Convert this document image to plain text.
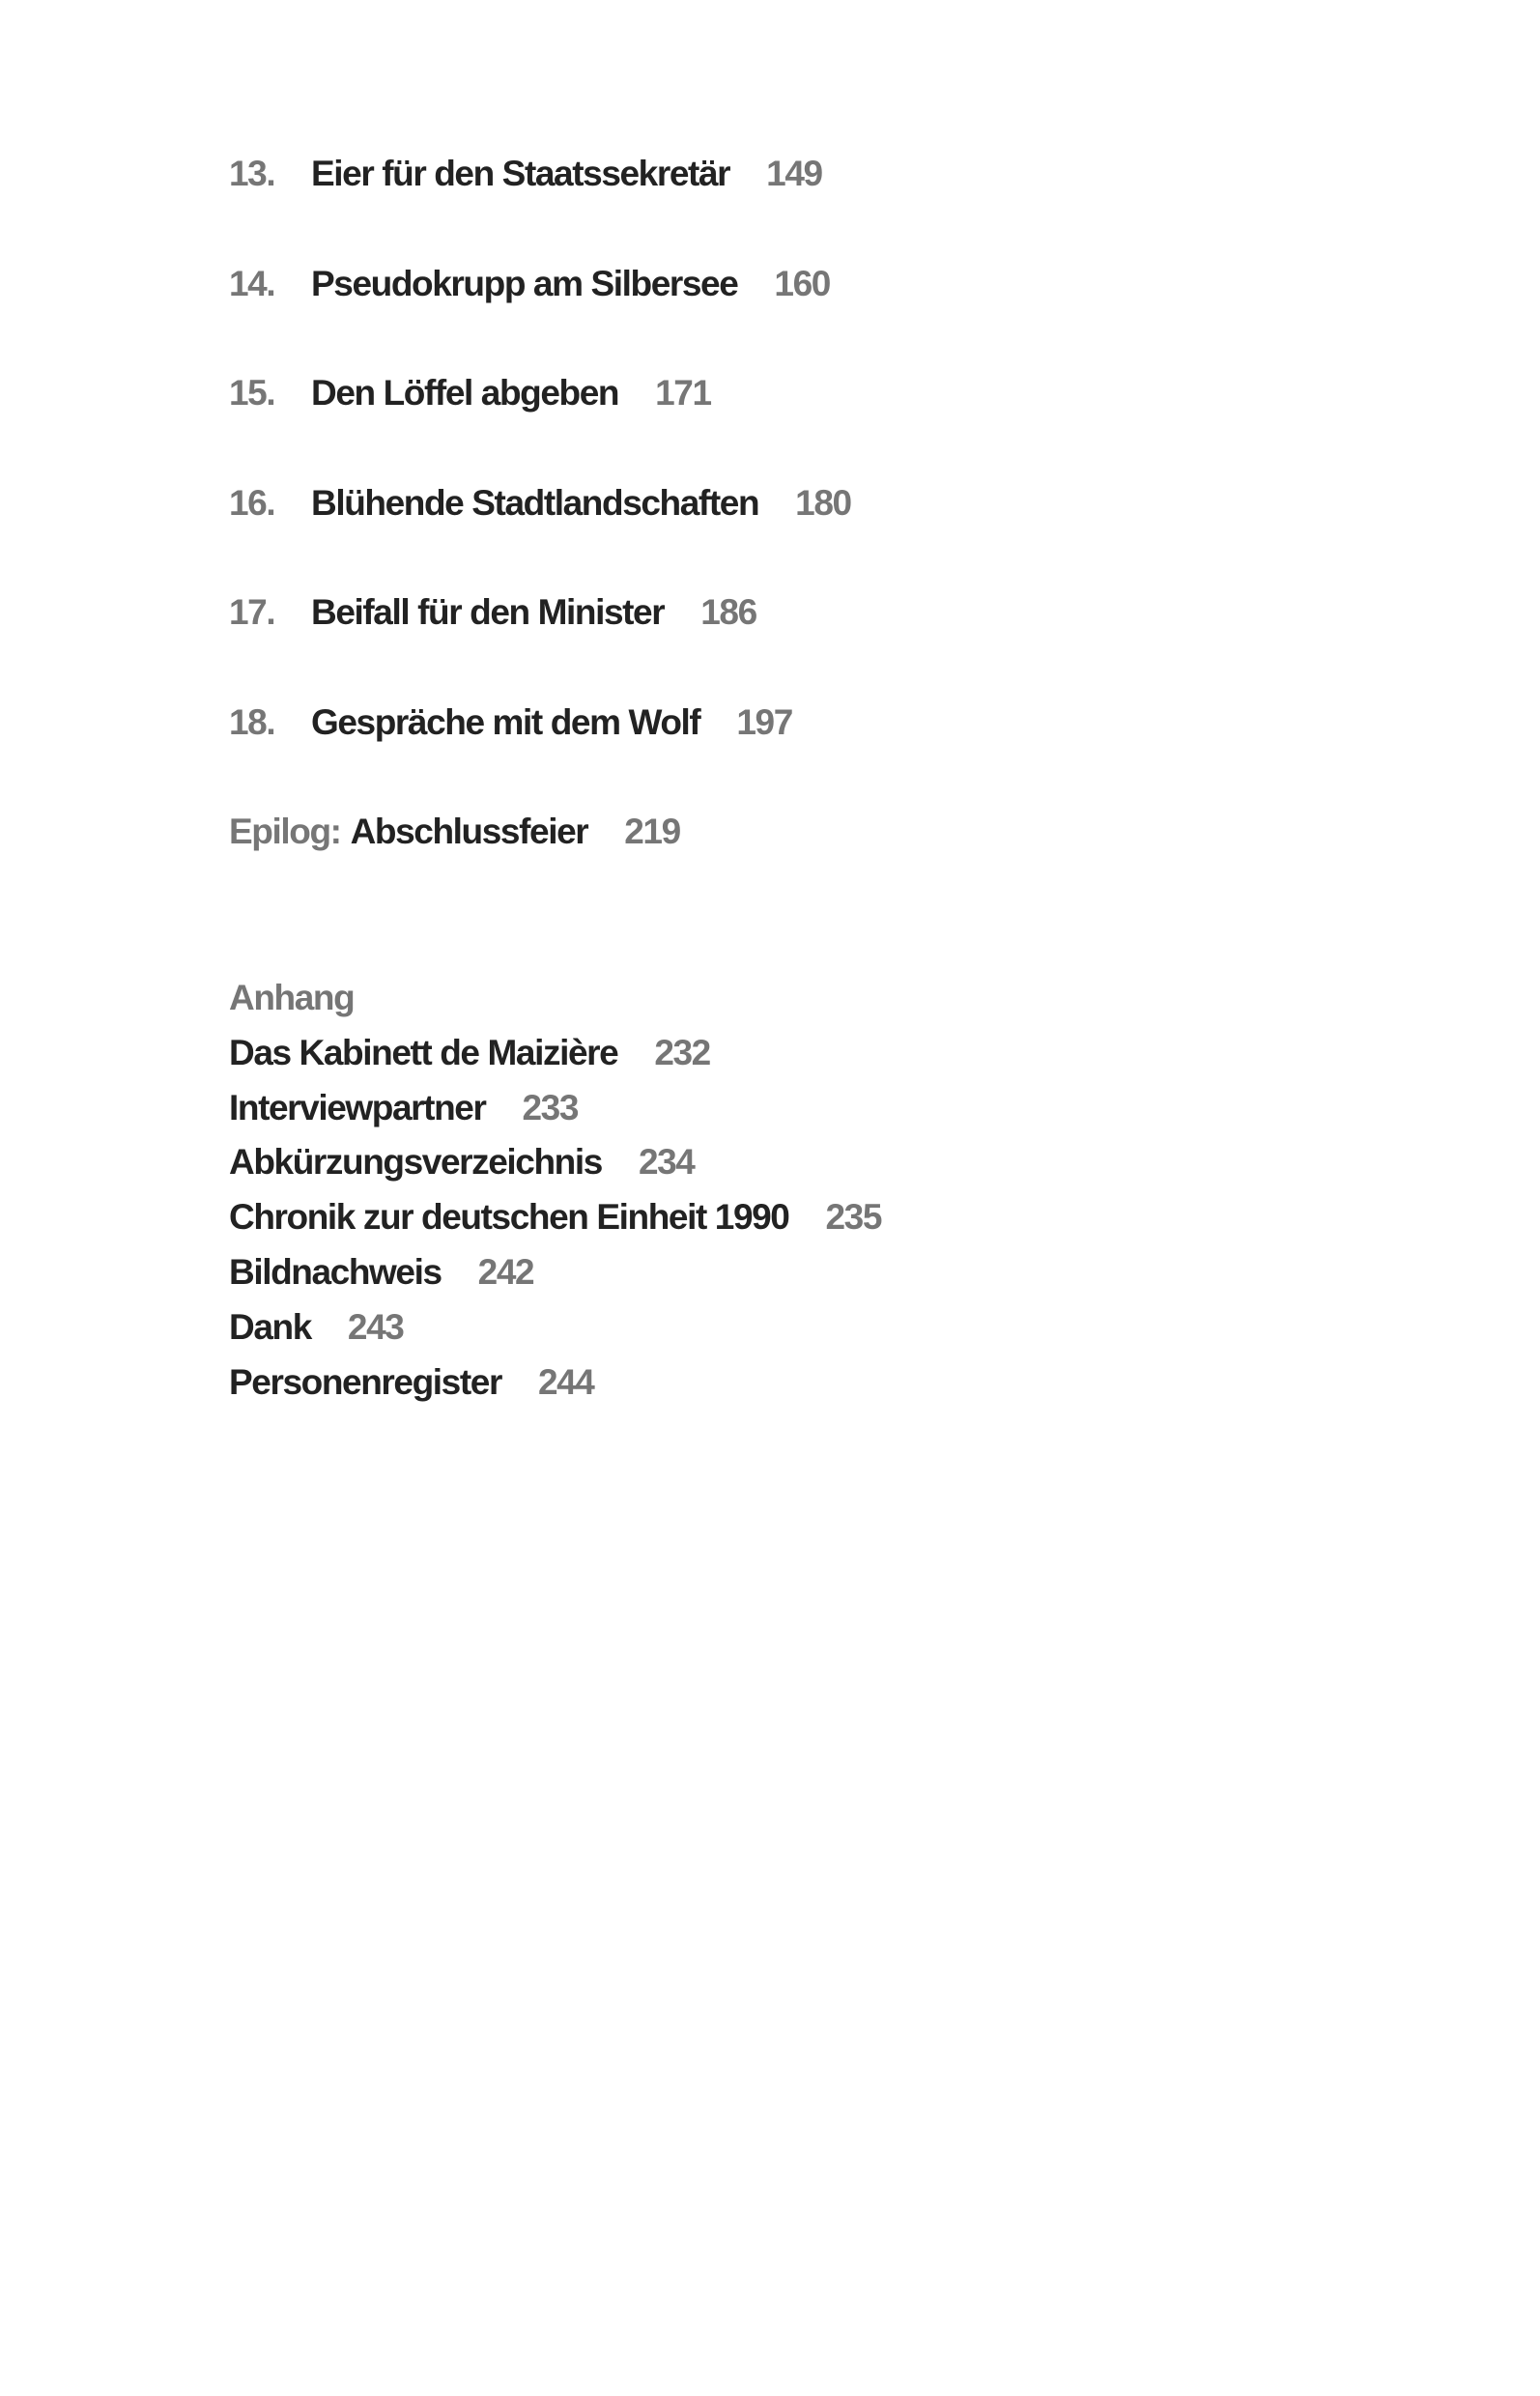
13. Eier für den Staatssekretär 149
14. Pseudokrupp am Silbersee 160
15. Den Löffel abgeben 171
16. Blühende Stadtlandschaften 180
17. Beifall für den Minister 186
18. Gespräche mit dem Wolf 197
Epilog: Abschlussfeier 219
Anhang
Das Kabinett de Maizière 232
Interviewpartner 233
Abkürzungsverzeichnis 234
Chronik zur deutschen Einheit 1990 235
Bildnachweis 242
Dank 243
Personenregister 244
